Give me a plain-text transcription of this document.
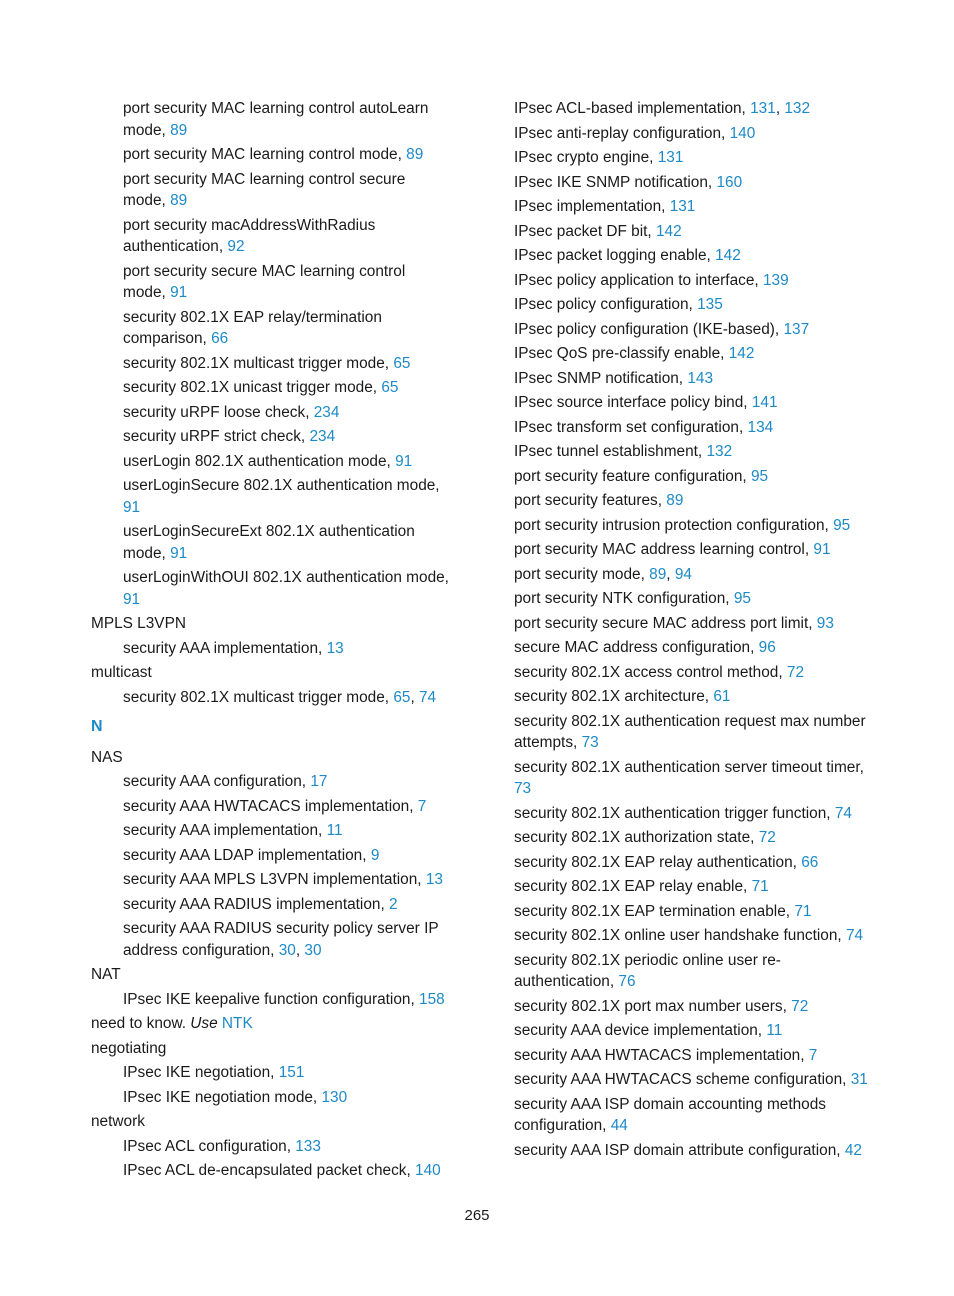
port security MAC learning control autoLearn mode, 89
port security MAC learning control mode, 89
port security MAC learning control secure mode, 89
port security macAddressWithRadius authentication, 92
port security secure MAC learning control mode, 91
security 802.1X EAP relay/termination comparison, 66
security 802.1X multicast trigger mode, 65
security 802.1X unicast trigger mode, 65
security uRPF loose check, 234
security uRPF strict check, 234
userLogin 802.1X authentication mode, 91
userLoginSecure 802.1X authentication mode, 91
userLoginSecureExt 802.1X authentication mode, 91
userLoginWithOUI 802.1X authentication mode, 91
MPLS L3VPN
security AAA implementation, 13
multicast
security 802.1X multicast trigger mode, 65, 74
N
NAS
security AAA configuration, 17
security AAA HWTACACS implementation, 7
security AAA implementation, 11
security AAA LDAP implementation, 9
security AAA MPLS L3VPN implementation, 13
security AAA RADIUS implementation, 2
security AAA RADIUS security policy server IP address configuration, 30, 30
NAT
IPsec IKE keepalive function configuration, 158
need to know. Use NTK
negotiating
IPsec IKE negotiation, 151
IPsec IKE negotiation mode, 130
network
IPsec ACL configuration, 133
IPsec ACL de-encapsulated packet check, 140
IPsec ACL-based implementation, 131, 132
IPsec anti-replay configuration, 140
IPsec crypto engine, 131
IPsec IKE SNMP notification, 160
IPsec implementation, 131
IPsec packet DF bit, 142
IPsec packet logging enable, 142
IPsec policy application to interface, 139
IPsec policy configuration, 135
IPsec policy configuration (IKE-based), 137
IPsec QoS pre-classify enable, 142
IPsec SNMP notification, 143
IPsec source interface policy bind, 141
IPsec transform set configuration, 134
IPsec tunnel establishment, 132
port security feature configuration, 95
port security features, 89
port security intrusion protection configuration, 95
port security MAC address learning control, 91
port security mode, 89, 94
port security NTK configuration, 95
port security secure MAC address port limit, 93
secure MAC address configuration, 96
security 802.1X access control method, 72
security 802.1X architecture, 61
security 802.1X authentication request max number attempts, 73
security 802.1X authentication server timeout timer, 73
security 802.1X authentication trigger function, 74
security 802.1X authorization state, 72
security 802.1X EAP relay authentication, 66
security 802.1X EAP relay enable, 71
security 802.1X EAP termination enable, 71
security 802.1X online user handshake function, 74
security 802.1X periodic online user re-authentication, 76
security 802.1X port max number users, 72
security AAA device implementation, 11
security AAA HWTACACS implementation, 7
security AAA HWTACACS scheme configuration, 31
security AAA ISP domain accounting methods configuration, 44
security AAA ISP domain attribute configuration, 42
265
